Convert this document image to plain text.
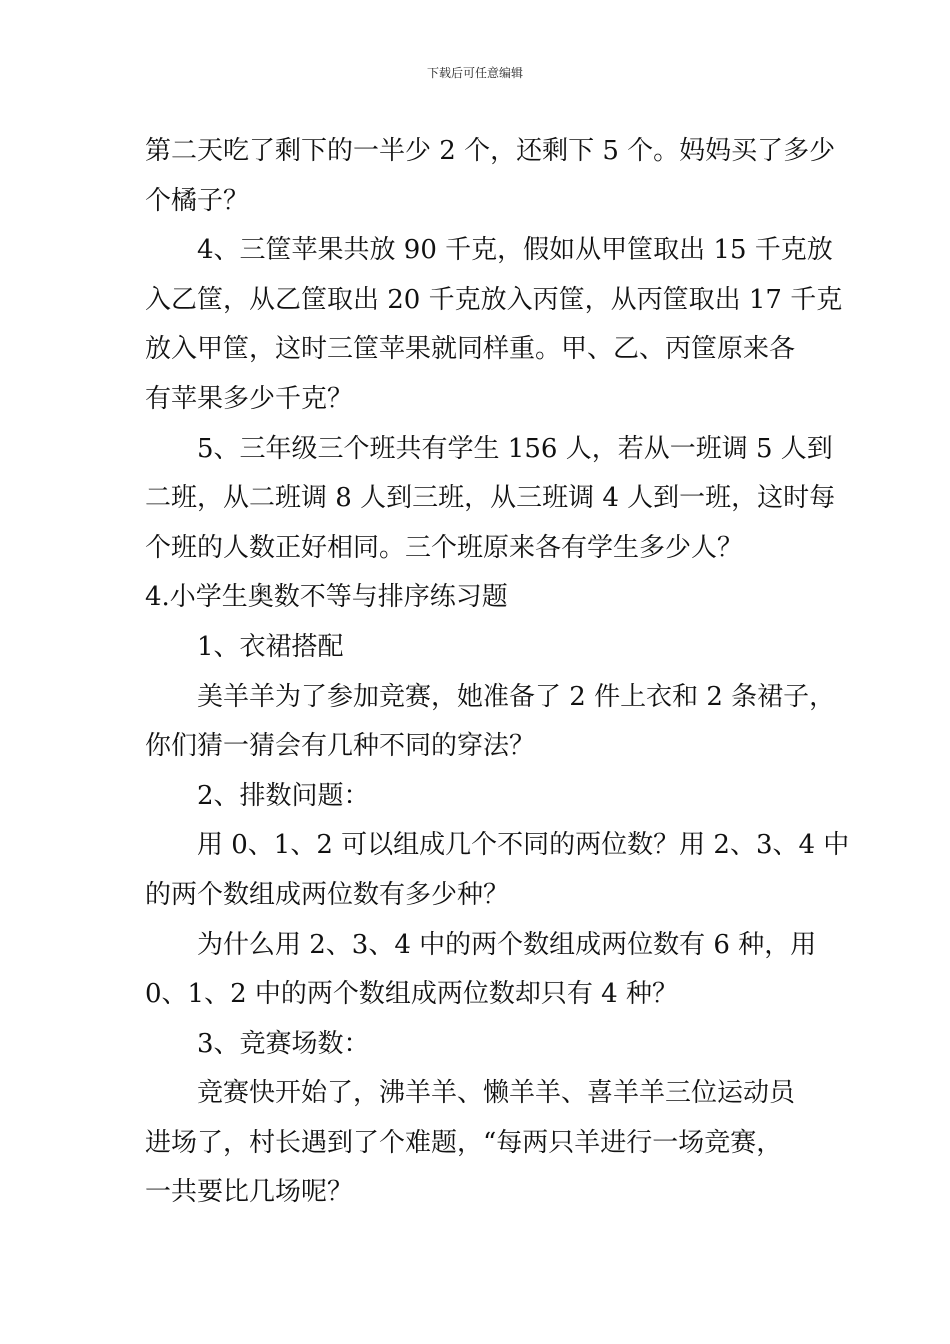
下载后可任意编辑

第二天吃了剩下的一半少 2 个，还剩下 5 个。妈妈买了多少

个橘子？

4、三筐苹果共放 90 千克，假如从甲筐取出 15 千克放

入乙筐，从乙筐取出 20 千克放入丙筐，从丙筐取出 17 千克

放入甲筐，这时三筐苹果就同样重。甲、乙、丙筐原来各

有苹果多少千克？

5、三年级三个班共有学生 156 人，若从一班调 5 人到

二班，从二班调 8 人到三班，从三班调 4 人到一班，这时每

个班的人数正好相同。三个班原来各有学生多少人？

4.小学生奥数不等与排序练习题

1、衣裙搭配

美羊羊为了参加竞赛，她准备了 2 件上衣和 2 条裙子，

你们猜一猜会有几种不同的穿法？

2、排数问题：

用 0、1、2 可以组成几个不同的两位数？用 2、3、4 中

的两个数组成两位数有多少种？

为什么用 2、3、4 中的两个数组成两位数有 6 种，用

0、1、2 中的两个数组成两位数却只有 4 种？

3、竞赛场数：

竞赛快开始了，沸羊羊、懒羊羊、喜羊羊三位运动员

进场了，村长遇到了个难题，“每两只羊进行一场竞赛，

一共要比几场呢？
